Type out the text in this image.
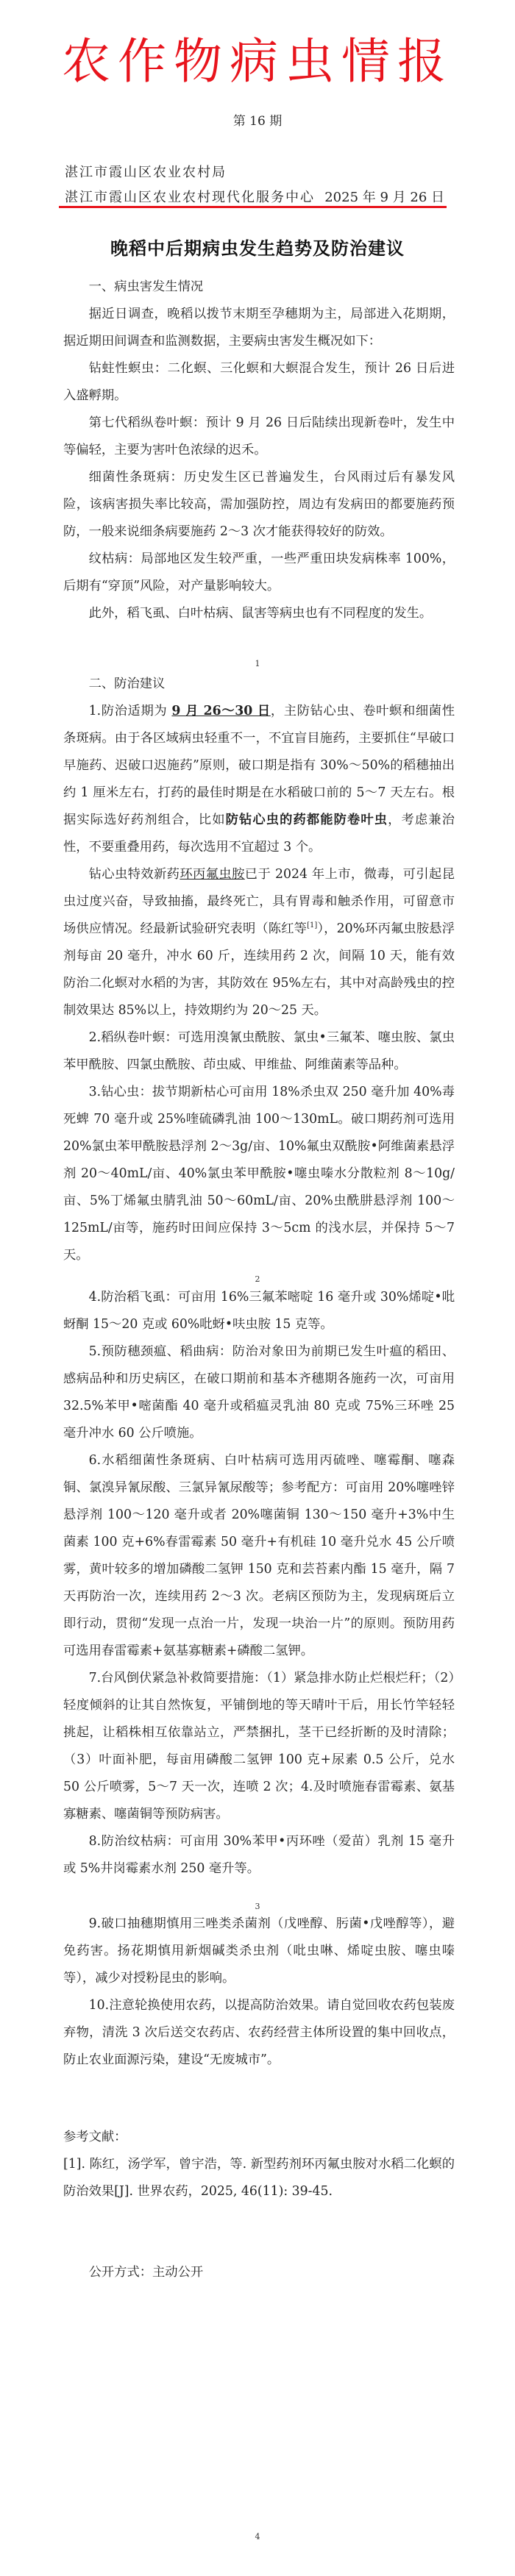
农作物病虫情报
第 16 期
湛江市霞山区农业农村局
湛江市霞山区农业农村现代化服务中心 2025 年 9 月 26 日
晚稻中后期病虫发生趋势及防治建议

一、病虫害发生情况

据近日调查，晚稻以拨节末期至孕穗期为主，局部进入花期期，据近期田间调查和监测数据，主要病虫害发生概况如下：

钻蛀性螟虫：二化螟、三化螟和大螟混合发生，预计 26 日后进入盛孵期。

第七代稻纵卷叶螟：预计 9 月 26 日后陆续出现新卷叶，发生中等偏轻，主要为害叶色浓绿的迟禾。

细菌性条斑病：历史发生区已普遍发生，台风雨过后有暴发风险，该病害损失率比较高，需加强防控，周边有发病田的都要施药预防，一般来说细条病要施药 2～3 次才能获得较好的防效。

纹枯病：局部地区发生较严重，一些严重田块发病株率 100%，后期有“穿顶”风险，对产量影响较大。

此外，稻飞虱、白叶枯病、鼠害等病虫也有不同程度的发生。

1

二、防治建议

1.防治适期为 9 月 26～30 日，主防钻心虫、卷叶螟和细菌性条斑病。由于各区域病虫轻重不一，不宜盲目施药，主要抓住“早破口早施药、迟破口迟施药”原则，破口期是指有 30%～50%的稻穗抽出约 1 厘米左右，打药的最佳时期是在水稻破口前的 5～7 天左右。根据实际选好药剂组合，比如防钻心虫的药都能防卷叶虫，考虑兼治性，不要重叠用药，每次选用不宜超过 3 个。

钻心虫特效新药环丙氟虫胺已于 2024 年上市，微毒，可引起昆虫过度兴奋，导致抽搐，最终死亡，具有胃毒和触杀作用，可留意市场供应情况。经最新试验研究表明（陈红等[1]），20%环丙氟虫胺悬浮剂每亩 20 毫升，冲水 60 斤，连续用药 2 次，间隔 10 天，能有效防治二化螟对水稻的为害，其防效在 95%左右，其中对高龄残虫的控制效果达 85%以上，持效期约为 20～25 天。

2.稻纵卷叶螟：可选用溴氰虫酰胺、氯虫•三氟苯、噻虫胺、氯虫苯甲酰胺、四氯虫酰胺、茚虫威、甲维盐、阿维菌素等品种。

3.钻心虫：拔节期新枯心可亩用 18%杀虫双 250 毫升加 40%毒死蜱 70 毫升或 25%喹硫磷乳油 100～130mL。破口期药剂可选用 20%氯虫苯甲酰胺悬浮剂 2～3g/亩、10%氟虫双酰胺•阿维菌素悬浮剂 20～40mL/亩、40%氯虫苯甲酰胺•噻虫嗪水分散粒剂 8～10g/亩、5%丁烯氟虫腈乳油 50～60mL/亩、20%虫酰肼悬浮剂 100～125mL/亩等，施药时田间应保持 3～5cm 的浅水层，并保持 5～7 天。

2

4.防治稻飞虱：可亩用 16%三氟苯嘧啶 16 毫升或 30%烯啶•吡蚜酮 15～20 克或 60%吡蚜•呋虫胺 15 克等。

5.预防穗颈瘟、稻曲病：防治对象田为前期已发生叶瘟的稻田、感病品种和历史病区，在破口期前和基本齐穗期各施药一次，可亩用 32.5%苯甲•嘧菌酯 40 毫升或稻瘟灵乳油 80 克或 75%三环唑 25 毫升冲水 60 公斤喷施。

6.水稻细菌性条斑病、白叶枯病可选用丙硫唑、噻霉酮、噻森铜、氯溴异氰尿酸、三氯异氰尿酸等；参考配方：可亩用 20%噻唑锌悬浮剂 100～120 毫升或者 20%噻菌铜 130～150 毫升+3%中生菌素 100 克+6%春雷霉素 50 毫升+有机硅 10 毫升兑水 45 公斤喷雾，黄叶较多的增加磷酸二氢钾 150 克和芸苔素内酯 15 毫升，隔 7 天再防治一次，连续用药 2～3 次。老病区预防为主，发现病斑后立即行动，贯彻“发现一点治一片，发现一块治一片”的原则。预防用药可选用春雷霉素+氨基寡糖素+磷酸二氢钾。

7.台风倒伏紧急补救简要措施：（1）紧急排水防止烂根烂秆；（2）轻度倾斜的让其自然恢复，平铺倒地的等天晴叶干后，用长竹竿轻轻挑起，让稻株相互依靠站立，严禁捆扎，茎干已经折断的及时清除；（3）叶面补肥，每亩用磷酸二氢钾 100 克+尿素 0.5 公斤，兑水 50 公斤喷雾，5～7 天一次，连喷 2 次；4.及时喷施春雷霉素、氨基寡糖素、噻菌铜等预防病害。

8.防治纹枯病：可亩用 30%苯甲•丙环唑（爱苗）乳剂 15 毫升或 5%井岗霉素水剂 250 毫升等。

3

9.破口抽穗期慎用三唑类杀菌剂（戊唑醇、肟菌•戊唑醇等），避免药害。扬花期慎用新烟碱类杀虫剂（吡虫啉、烯啶虫胺、噻虫嗪等），减少对授粉昆虫的影响。

10.注意轮换使用农药，以提高防治效果。请自觉回收农药包装废弃物，清洗 3 次后送交农药店、农药经营主体所设置的集中回收点，防止农业面源污染，建设“无废城市”。

参考文献：

[1]. 陈红，汤学军，曾宇浩，等. 新型药剂环丙氟虫胺对水稻二化螟的防治效果[J]. 世界农药，2025, 46(11): 39-45.

公开方式：主动公开

4
